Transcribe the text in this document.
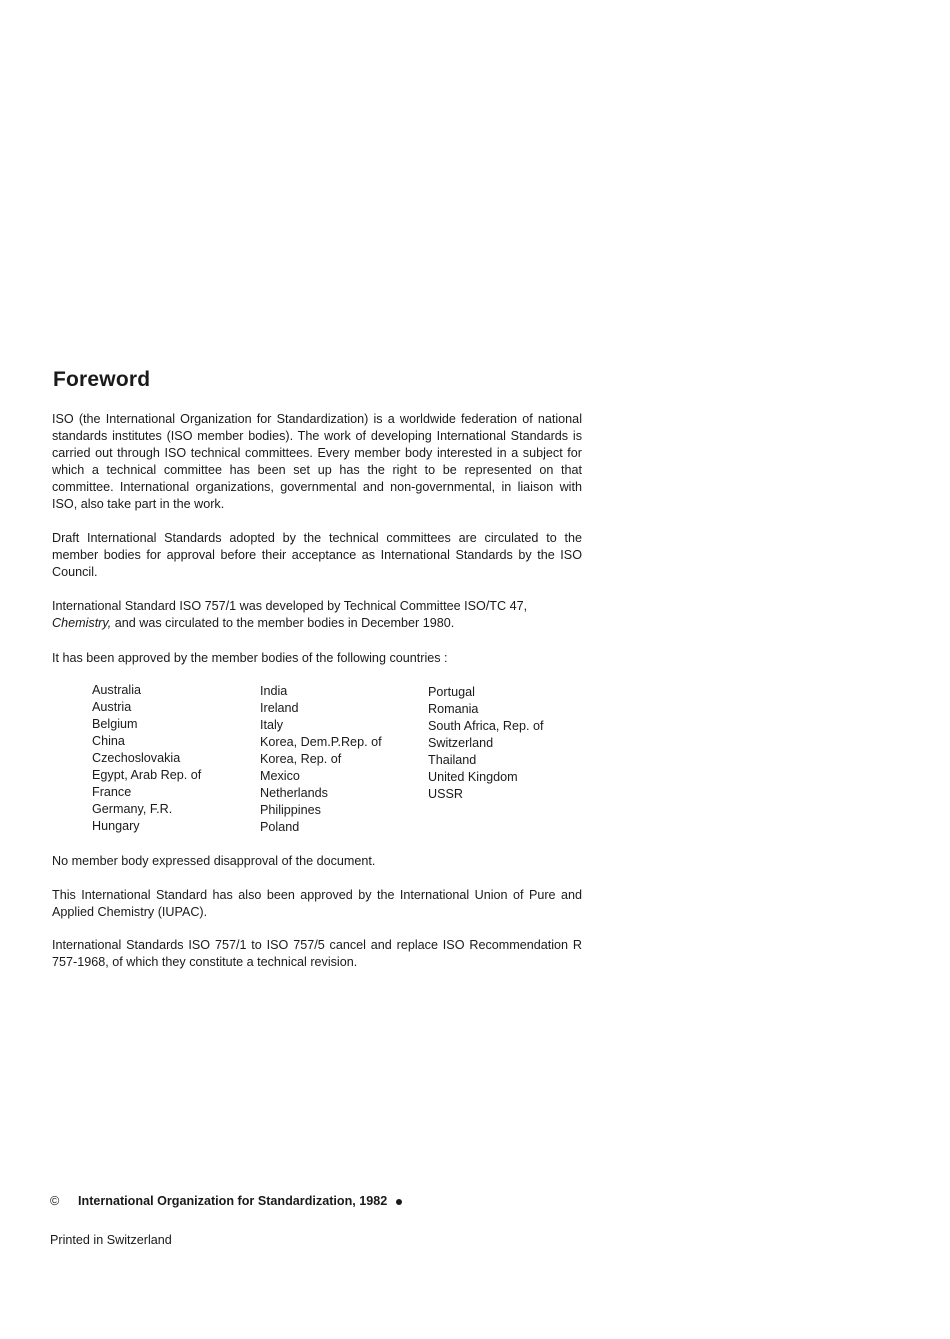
Foreword

ISO (the International Organization for Standardization) is a worldwide federation of national standards institutes (ISO member bodies). The work of developing International Standards is carried out through ISO technical committees. Every member body interested in a subject for which a technical committee has been set up has the right to be represented on that committee. International organizations, governmental and non-governmental, in liaison with ISO, also take part in the work.

Draft International Standards adopted by the technical committees are circulated to the member bodies for approval before their acceptance as International Standards by the ISO Council.

International Standard ISO 757/1 was developed by Technical Committee ISO/TC 47,
Chemistry, and was circulated to the member bodies in December 1980.

It has been approved by the member bodies of the following countries :

Australia
Austria
Belgium
China
Czechoslovakia
Egypt, Arab Rep. of
France
Germany, F.R.
Hungary
India
Ireland
Italy
Korea, Dem.P.Rep. of
Korea, Rep. of
Mexico
Netherlands
Philippines
Poland
Portugal
Romania
South Africa, Rep. of
Switzerland
Thailand
United Kingdom
USSR

No member body expressed disapproval of the document.

This International Standard has also been approved by the International Union of Pure and Applied Chemistry (IUPAC).

International Standards ISO 757/1 to ISO 757/5 cancel and replace ISO Recommendation R 757-1968, of which they constitute a technical revision.

©	International Organization for Standardization, 1982
Printed in Switzerland
